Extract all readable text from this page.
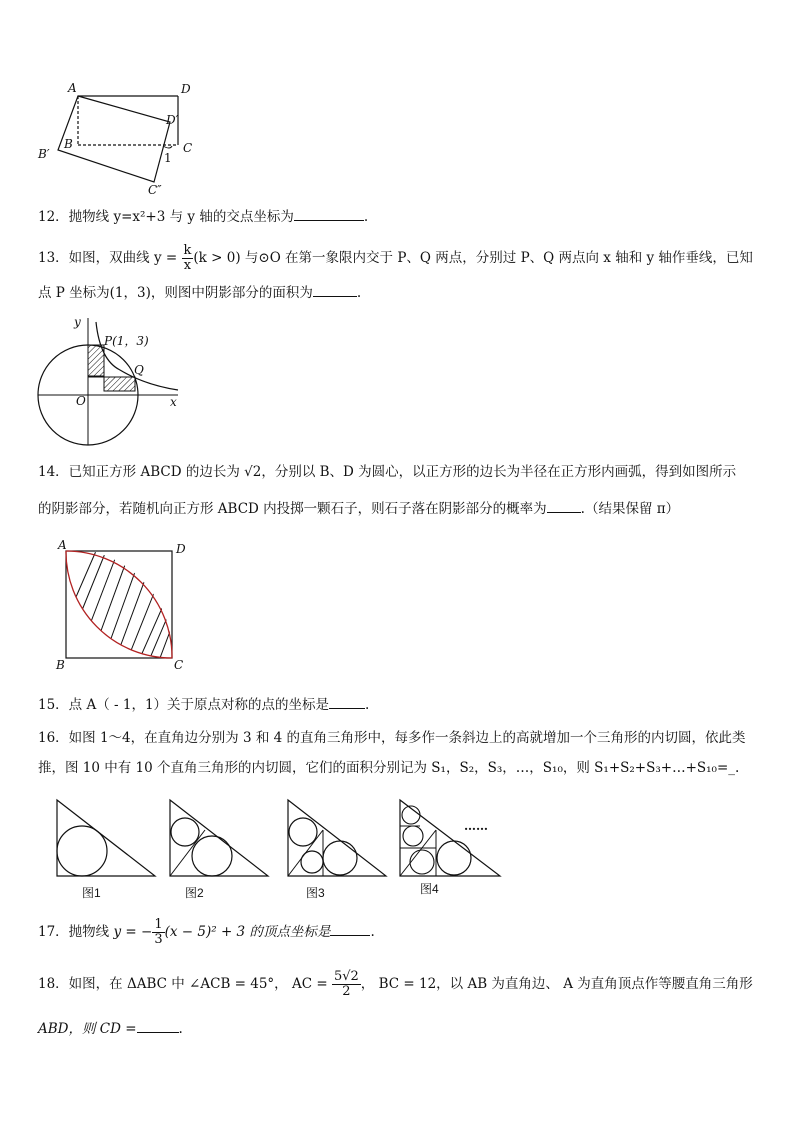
A	D
D′
B	C
B′	1
C″
12．抛物线 y=x²+3 与 y 轴的交点坐标为	.
13．如图，双曲线 $y = \frac{k}{x} (k > 0)$ 与⊙O 在第一象限内交于 P、Q 两点，分别过 P、Q 两点向 x 轴和 y 轴作垂线，已知
点 P 坐标为(1，3)，则图中阴影部分的面积为	.
y
x
O
P(1，3)
Q
14．已知正方形 ABCD 的边长为 √2，分别以 B、D 为圆心，以正方形的边长为半径在正方形内画弧，得到如图所示
的阴影部分，若随机向正方形 ABCD 内投掷一颗石子，则石子落在阴影部分的概率为	.（结果保留 π）
A	D
B	C
15．点 A（ - 1，1）关于原点对称的点的坐标是	.
16．如图 1～4，在直角边分别为 3 和 4 的直角三角形中，每多作一条斜边上的高就增加一个三角形的内切圆，依此类
推，图 10 中有 10 个直角三角形的内切圆，它们的面积分别记为 S₁，S₂，S₃，…，S₁₀，则 S₁+S₂+S₃+…+S₁₀=_.
……
图1	图2	图3	图4
17．抛物线 y = − $\frac{1}{3} (x - 5)^2 + 3$ 的顶点坐标是	.
18．如图，在 ΔABC 中 ∠ACB = 45°， AC = $\frac{5√2}{2}$ ， BC = 12，以 AB 为直角边、 A 为直角顶点作等腰直角三角形
ABD，则 CD =	.
